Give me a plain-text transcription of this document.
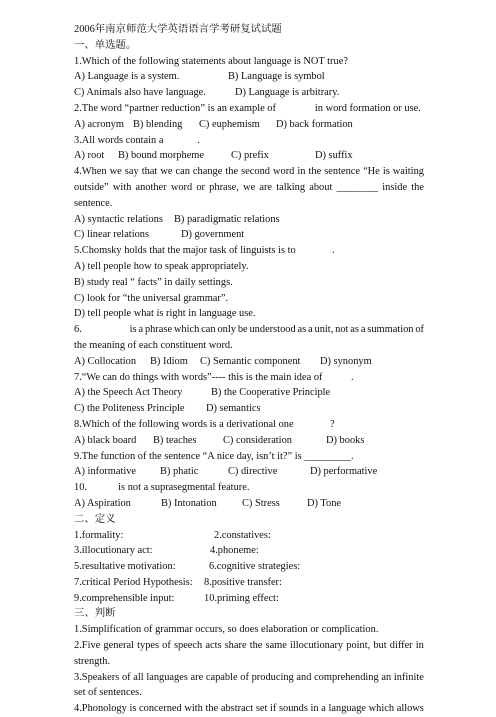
2006年南京师范大学英语语言学考研复试试题
一、单选题。
1.Which of the following statements about language is NOT true?
A) Language is a system.	B) Language is symbol
C) Animals also have language.	D) Language is arbitrary.
2.The word “partner reduction” is an example of               in word formation or use.
A) acronym B) blending C) euphemism D) back formation
3.All words contain a             .
A) root B) bound morpheme	C) prefix	D) suffix
4.When we say that we can change the second word in the sentence “He is waiting
outside” with another word or phrase, we are talking about ________ inside the
sentence.
A) syntactic relations B) paradigmatic relations
C) linear relations	D) government
5.Chomsky holds that the major task of linguists is to              .
A) tell people how to speak appropriately.
B) study real “ facts” in daily settings.
C) look for “the universal grammar”.
D) tell people what is right in language use.
6.	is a phrase which can only be understood as a unit, not as a summation of
the meaning of each constituent word.
A) Collocation B) Idiom C) Semantic component D) synonym
7.“We can do things with words”---- this is the main idea of           .
A) the Speech Act Theory	B) the Cooperative Principle
C) the Politeness Principle D) semantics
8.Which of the following words is a derivational one              ?
A) black board B) teaches	C) consideration	D) books
9.The function of the sentence “A nice day, isn’t it?” is _________.
A) informative B) phatic	C) directive	D) performative
10.            is not a suprasegmental feature.
A) Aspiration	B) Intonation C) Stress	D) Tone
二、定义
1.formality:	2.constatives:
3.illocutionary act:	4.phoneme:
5.resultative motivation:	6.cognitive strategies:
7.critical Period Hypothesis: 8.positive transfer:
9.comprehensible input:	10.priming effect:
三、判断
1.Simplification of grammar occurs, so does elaboration or complication.
2.Five general types of speech acts share the same illocutionary point, but differ in
strength.
3.Speakers of all languages are capable of producing and comprehending an infinite
set of sentences.
4.Phonology is concerned with the abstract set if sounds in a language which allows
